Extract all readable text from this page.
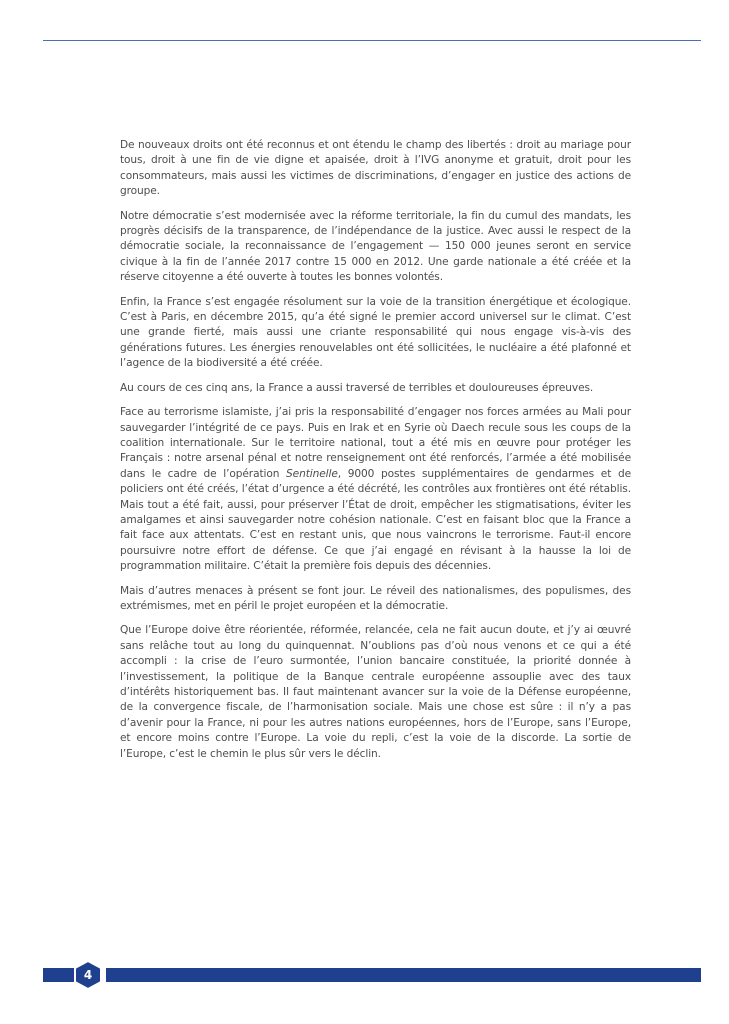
De nouveaux droits ont été reconnus et ont étendu le champ des libertés : droit au mariage pour tous, droit à une fin de vie digne et apaisée, droit à l’IVG anonyme et gratuit, droit pour les consommateurs, mais aussi les victimes de discriminations, d’engager en justice des actions de groupe.

Notre démocratie s’est modernisée avec la réforme territoriale, la fin du cumul des mandats, les progrès décisifs de la transparence, de l’indépendance de la justice. Avec aussi le respect de la démocratie sociale, la reconnaissance de l’engagement — 150 000 jeunes seront en service civique à la fin de l’année 2017 contre 15 000 en 2012. Une garde nationale a été créée et la réserve citoyenne a été ouverte à toutes les bonnes volontés.

Enfin, la France s’est engagée résolument sur la voie de la transition énergétique et écologique. C’est à Paris, en décembre 2015, qu’a été signé le premier accord universel sur le climat. C’est une grande fierté, mais aussi une criante responsabilité qui nous engage vis-à-vis des générations futures. Les énergies renouvelables ont été sollicitées, le nucléaire a été plafonné et l’agence de la biodiversité a été créée.

Au cours de ces cinq ans, la France a aussi traversé de terribles et douloureuses épreuves.

Face au terrorisme islamiste, j’ai pris la responsabilité d’engager nos forces armées au Mali pour sauvegarder l’intégrité de ce pays. Puis en Irak et en Syrie où Daech recule sous les coups de la coalition internationale. Sur le territoire national, tout a été mis en œuvre pour protéger les Français : notre arsenal pénal et notre renseignement ont été renforcés, l’armée a été mobilisée dans le cadre de l’opération Sentinelle, 9000 postes supplémentaires de gendarmes et de policiers ont été créés, l’état d’urgence a été décrété, les contrôles aux frontières ont été rétablis. Mais tout a été fait, aussi, pour préserver l’État de droit, empêcher les stigmatisations, éviter les amalgames et ainsi sauvegarder notre cohésion nationale. C’est en faisant bloc que la France a fait face aux attentats. C’est en restant unis, que nous vaincrons le terrorisme. Faut-il encore poursuivre notre effort de défense. Ce que j’ai engagé en révisant à la hausse la loi de programmation militaire. C’était la première fois depuis des décennies.

Mais d’autres menaces à présent se font jour. Le réveil des nationalismes, des populismes, des extrémismes, met en péril le projet européen et la démocratie.

Que l’Europe doive être réorientée, réformée, relancée, cela ne fait aucun doute, et j’y ai œuvré sans relâche tout au long du quinquennat. N’oublions pas d’où nous venons et ce qui a été accompli : la crise de l’euro surmontée, l’union bancaire constituée, la priorité donnée à l’investissement, la politique de la Banque centrale européenne assouplie avec des taux d’intérêts historiquement bas. Il faut maintenant avancer sur la voie de la Défense européenne, de la convergence fiscale, de l’harmonisation sociale. Mais une chose est sûre : il n’y a pas d’avenir pour la France, ni pour les autres nations européennes, hors de l’Europe, sans l’Europe, et encore moins contre l’Europe. La voie du repli, c’est la voie de la discorde. La sortie de l’Europe, c’est le chemin le plus sûr vers le déclin.

4
